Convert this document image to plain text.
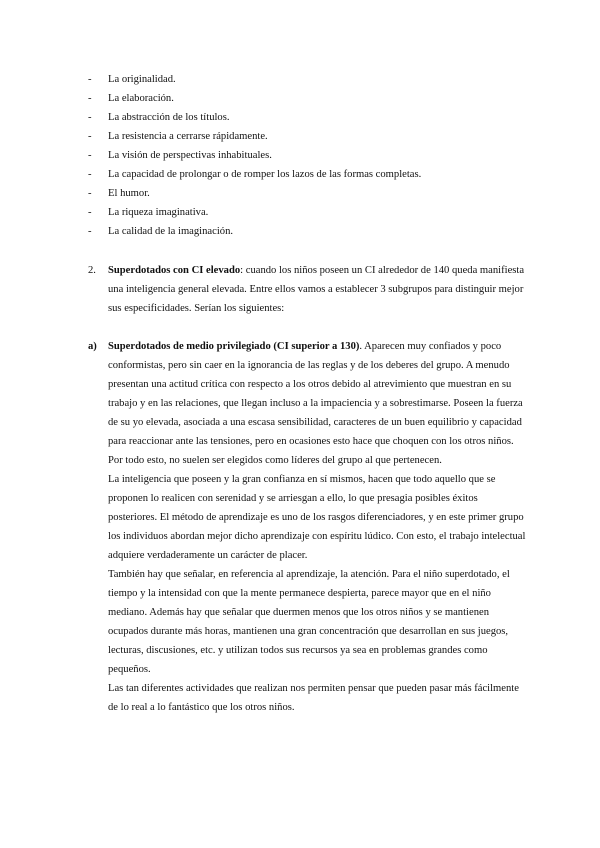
- La originalidad.
- La elaboración.
- La abstracción de los títulos.
- La resistencia a cerrarse rápidamente.
- La visión de perspectivas inhabituales.
- La capacidad de prolongar o de romper los lazos de las formas completas.
- El humor.
- La riqueza imaginativa.
- La calidad de la imaginación.
2. Superdotados con CI elevado: cuando los niños poseen un CI alrededor de 140 queda manifiesta una inteligencia general elevada. Entre ellos vamos a establecer 3 subgrupos para distinguir mejor sus especificidades. Serían los siguientes:

a) Superdotados de medio privilegiado (CI superior a 130). Aparecen muy confiados y poco conformistas, pero sin caer en la ignorancia de las reglas y de los deberes del grupo. A menudo presentan una actitud crítica con respecto a los otros debido al atrevimiento que muestran en su trabajo y en las relaciones, que llegan incluso a la impaciencia y a sobrestimarse. Poseen la fuerza de su yo elevada, asociada a una escasa sensibilidad, caracteres de un buen equilibrio y capacidad para reaccionar ante las tensiones, pero en ocasiones esto hace que choquen con los otros niños. Por todo esto, no suelen ser elegidos como líderes del grupo al que pertenecen.

La inteligencia que poseen y la gran confianza en sí mismos, hacen que todo aquello que se proponen lo realicen con serenidad y se arriesgan a ello, lo que presagia posibles éxitos posteriores. El método de aprendizaje es uno de los rasgos diferenciadores, y en este primer grupo los individuos abordan mejor dicho aprendizaje con espíritu lúdico. Con esto, el trabajo intelectual adquiere verdaderamente un carácter de placer.

También hay que señalar, en referencia al aprendizaje, la atención. Para el niño superdotado, el tiempo y la intensidad con que la mente permanece despierta, parece mayor que en el niño mediano. Además hay que señalar que duermen menos que los otros niños y se mantienen ocupados durante más horas, mantienen una gran concentración que desarrollan en sus juegos, lecturas, discusiones, etc. y utilizan todos sus recursos ya sea en problemas grandes como pequeños.

Las tan diferentes actividades que realizan nos permiten pensar que pueden pasar más fácilmente de lo real a lo fantástico que los otros niños.
